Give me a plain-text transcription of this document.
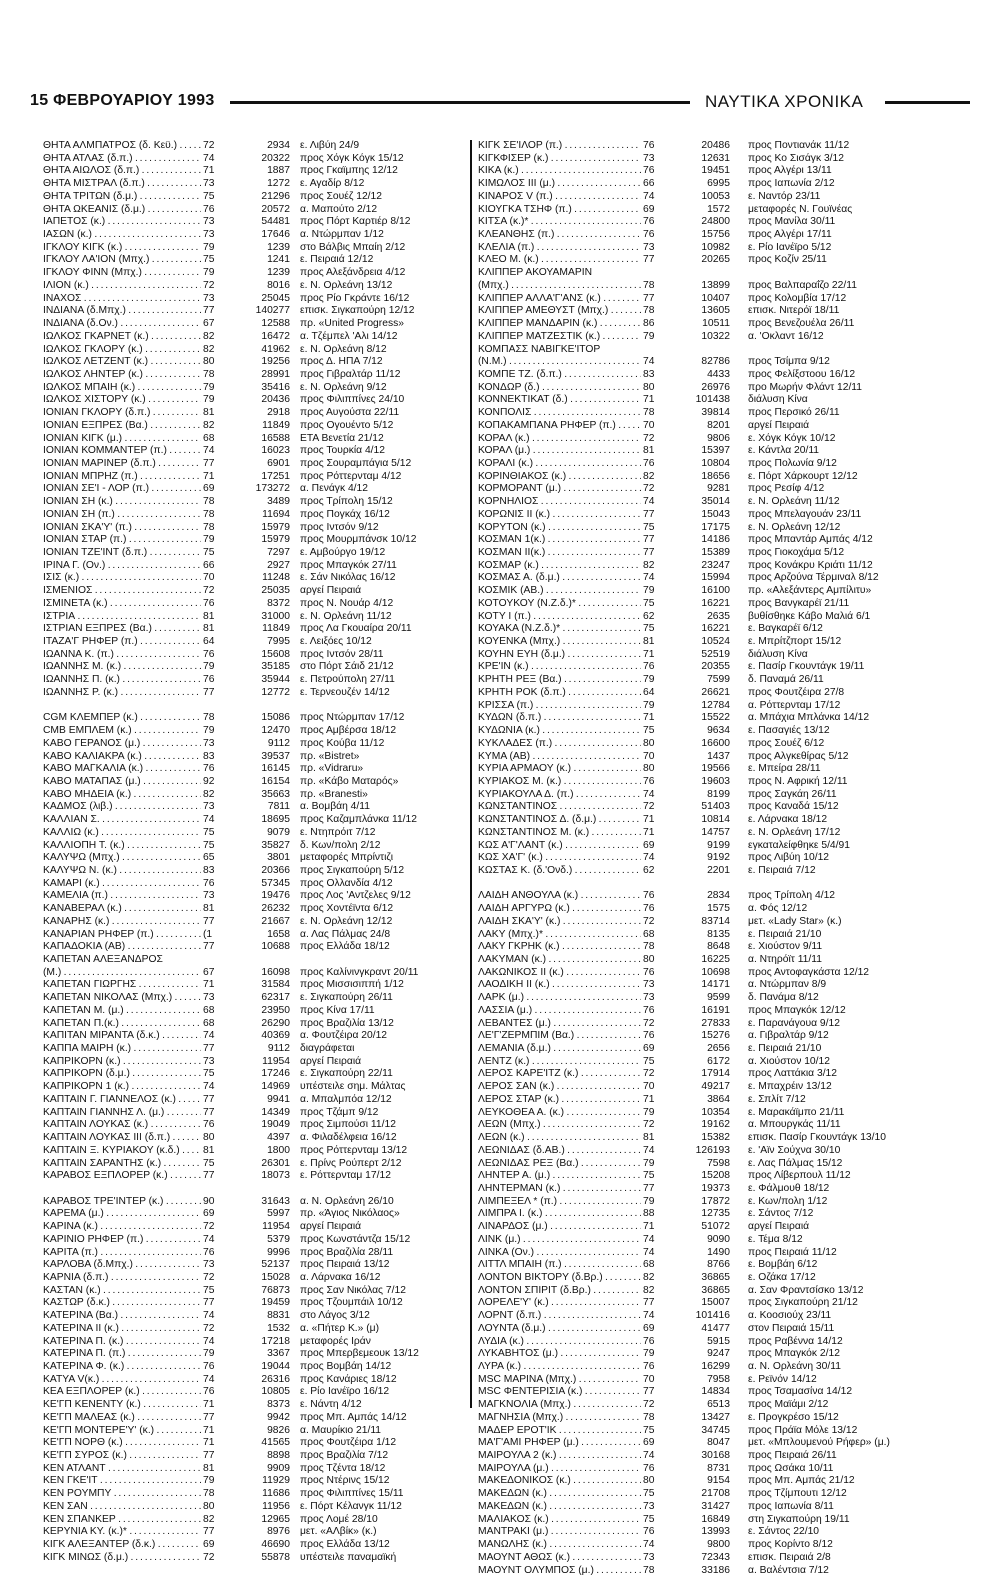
15 ΦΕΒΡΟΥΑΡΙΟΥ 1993	ΝΑΥΤΙΚΑ ΧΡΟΝΙΚΑ
ΘΗΤΑ ΑΛΜΠΑΤΡΟΣ (δ. Κεϋ.) . . .	72	2934 ε. Λιβύη 24/9
ΘΗΤΑ ΑΤΛΑΣ (δ.π.) . . .	74	20322 προς Χόγκ Κόγκ 15/12
ΘΗΤΑ ΑΙΩΛΟΣ (δ.π.) . . .	71	1887 προς Γκαϊμπης 12/12
ΘΗΤΑ ΜΙΣΤΡΑΛ (δ.π.) . . .	73	1272 ε. Αγαδίρ 8/12
ΘΗΤΑ ΤΡΙΤΩΝ (δ.μ.) . . .	75	21296 προς Σουέζ 12/12
ΘΗΤΑ ΩΚΕΑΝΙΣ (δ.μ.) . . .	76	20572 α. Μαπούτο 2/12
ΙΑΠΕΤΟΣ (κ.) . . .	73	54481 προς Πόρτ Καρτιέρ 8/12
ΙΑΣΩΝ (κ.) . . .	73	17646 α. Ντώρμπαν 1/12
ΙΓΚΛΟΥ ΚΙΓΚ (κ.) . . .	79	1239 στο Βάλβις Μπαίη 2/12
ΙΓΚΛΟΥ ΛΑ'ΙΟΝ (Μπχ.) . . .	75	1241 ε. Πειραιά 12/12
ΙΓΚΛΟΥ ΦΙΝΝ (Μπχ.) . . .	79	1239 προς Αλεξάνδρεια 4/12
ΙΛΙΟΝ (κ.) . . .	72	8016 ε. Ν. Ορλεάνη 13/12
ΙΝΑΧΟΣ . . .	73	25045 προς Ρίο Γκράντε 16/12
ΙΝΔΙΑΝΑ (δ.Μπχ.) . . .	77	140277 επισκ. Σιγκαπούρη 12/12
ΙΝΔΙΑΝΑ (δ.Ον.) . . .	67	12588 πρ. «United Progress»
ΙΩΛΚΟΣ ΓΚΑΡΝΕΤ (κ.) . . .	82	16472 α. Τζέμπελ 'Αλι 14/12
ΙΩΛΚΟΣ ΓΚΛΟΡΥ (κ.) . . .	82	41962 ε. Ν. Ορλεάνη 8/12
ΙΩΛΚΟΣ ΛΕΤΖΕΝΤ (κ.) . . .	80	19256 προς Δ. ΗΠΑ 7/12
ΙΩΛΚΟΣ ΛΗΝΤΕΡ (κ.) . . .	78	28991 προς Γιβραλτάρ 11/12
ΙΩΛΚΟΣ ΜΠΑΙΗ (κ.) . . .	79	35416 ε. Ν. Ορλεάνη 9/12
ΙΩΛΚΟΣ ΧΙΣΤΟΡΥ (κ.) . . .	79	20436 προς Φιλιππίνες 24/10
ΙΟΝΙΑΝ ΓΚΛΟΡΥ (δ.π.) . . .	81	2918 προς Αυγούστα 22/11
ΙΟΝΙΑΝ ΕΞΠΡΕΣ (Βα.) . . .	82	11849 προς Ογουέντο 5/12
ΙΟΝΙΑΝ ΚΙΓΚ (μ.) . . .	68	16588 ΕΤΑ Βενετία 21/12
ΙΟΝΙΑΝ ΚΟΜΜΑΝΤΕΡ (π.) . . .	74	16023 προς Τουρκία 4/12
ΙΟΝΙΑΝ ΜΑΡΙΝΕΡ (δ.π.) . . .	77	6901 προς Σουραμπάγια 5/12
ΙΟΝΙΑΝ ΜΠΡΗΖ (π.) . . .	71	17251 προς Ρόττερνταμ 4/12
ΙΟΝΙΑΝ ΣΕ'Ι - ΛΟΡ (π.) . . .	69	173272 α. Πενάγκ 4/12
ΙΟΝΙΑΝ ΣΗ (κ.) . . .	78	3489 προς Τρίπολη 15/12
ΙΟΝΙΑΝ ΣΗ (π.) . . .	78	11694 προς Πογκάχ 16/12
ΙΟΝΙΑΝ ΣΚΑ'Υ' (π.) . . .	78	15979 προς Ιντσόν 9/12
ΙΟΝΙΑΝ ΣΤΑΡ (π.) . . .	79	15979 προς Μουρμπάνσκ 10/12
ΙΟΝΙΑΝ ΤΖΕ'ΙΝΤ (δ.π.) . . .	75	7297 ε. Αμβούργο 19/12
ΙΡΙΝΑ Γ. (Ον.) . . .	66	2927 προς Μπαγκόκ 27/11
ΙΣΙΣ (κ.) . . .	70	11248 ε. Σάν Νικόλας 16/12
ΙΣΜΕΝΙΟΣ . . .	72	25035 αργεί Πειραιά
ΙΣΜΙΝΕΤΑ (κ.) . . .	76	8372 προς Ν. Νουάρ 4/12
ΙΣΤΡΙΑ . . .	81	31000 ε. Ν. Ορλεάνη 11/12
ΙΣΤΡΙΑΝ ΕΞΠΡΕΣ (Βα.) . . .	81	11849 προς Λα Γκουαίρα 20/11
ΙΤΑΖΑ'Γ ΡΗΦΕΡ (π.) . . .	64	7995 ε. Λειξόες 10/12
ΙΩΑΝΝΑ Κ. (π.) . . .	76	15608 προς Ιντσόν 28/11
ΙΩΑΝΝΗΣ Μ. (κ.) . . .	79	35185 στο Πόρτ Σάιδ 21/12
ΙΩΑΝΝΗΣ Π. (κ.) . . .	76	35944 ε. Πετρούπολη 27/11
ΙΩΑΝΝΗΣ Ρ. (κ.) . . .	77	12772 ε. Τερνεουζέν 14/12
CGM ΚΛΕΜΠΕΡ (κ.) . . .	78	15086 προς Ντώρμπαν 17/12
CMB ΕΜΠΛΕΜ (κ.) . . .	79	12470 προς Αμβέρσα 18/12
ΚΑΒΟ ΓΕΡΑΝΟΣ (μ.) . . .	73	9112 προς Κούβα 11/12
ΚΑΒΟ ΚΑΛΙΑΚΡΑ (κ.) . . .	83	39537 πρ. «Bistret»
ΚΑΒΟ ΜΑΓΚΑΛΙΑ (κ.) . . .	76	16145 πρ. «Vidraru»
ΚΑΒΟ ΜΑΤΑΠΑΣ (μ.) . . .	92	16154 πρ. «Κάβο Ματαρός»
ΚΑΒΟ ΜΗΔΕΙΑ (κ.) . . .	82	35663 πρ. «Branesti»
ΚΑΔΜΟΣ (λιβ.) . . .	73	7811 α. Βομβάη 4/11
ΚΑΛΛΙΑΝ Σ. . . .	74	18695 προς Καζαμπλάνκα 11/12
ΚΑΛΛΙΩ (κ.) . . .	75	9079 ε. Ντηπρόιτ 7/12
ΚΑΛΛΙΟΠΗ Τ. (κ.) . . .	75	35827 δ. Κων/πολη 2/12
ΚΑΛΥΨΩ (Μπχ.) . . .	65	3801 μεταφορές Μπρίντιζι
ΚΑΛΥΨΩ Ν. (κ.) . . .	83	20366 προς Σιγκαπούρη 5/12
ΚΑΜΑΡΙ (κ.) . . .	76	57345 προς Ολλανδία 4/12
ΚΑΜΕΛΙΑ (π.) . . .	73	19476 προς Λος 'Αντζελες 9/12
ΚΑΝΑΒΕΡΑΛ (κ.) . . .	81	26232 προς Χοντέϊντα 6/12
ΚΑΝΑΡΗΣ (κ.) . . .	77	21667 ε. Ν. Ορλεάνη 12/12
ΚΑΝΑΡΙΑΝ ΡΗΦΕΡ (π.) . . .	(1	1658 α. Λας Πάλμας 24/8
ΚΑΠΑΔΟΚΙΑ (ΑΒ) . . .	77	10688 προς Ελλάδα 18/12
ΚΑΠΕΤΑΝ ΑΛΕΞΑΝΔΡΟΣ
(Μ.) . . .	67	16098 προς Καλίνινγκραντ 20/11
ΚΑΠΕΤΑΝ ΓΙΩΡΓΗΣ . . .	71	31584 προς Μισσισιππή 1/12
ΚΑΠΕΤΑΝ ΝΙΚΟΛΑΣ (Μπχ.) . . .	73	62317 ε. Σιγκαπούρη 26/11
ΚΑΠΕΤΑΝ Μ. (μ.) . . .	68	23950 προς Κίνα 17/11
ΚΑΠΕΤΑΝ Π.(κ.) . . .	68	26290 προς Βραζιλία 13/12
ΚΑΠΙΤΑΝ ΜΙΡΑΝΤΑ (δ.κ.) . . .	74	40369 α. Φουτζέιρα 20/12
ΚΑΠΠΑ ΜΑΙΡΗ (κ.) . . .	77	9112 διαγράφεται
ΚΑΠΡΙΚΟΡΝ (κ.) . . .	73	11954 αργεί Πειραιά
ΚΑΠΡΙΚΟΡΝ (δ.μ.) . . .	75	17246 ε. Σιγκαπούρη 22/11
ΚΑΠΡΙΚΟΡΝ 1 (κ.) . . .	74	14969 υπέστειλε σημ. Μάλτας
ΚΑΠΤΑΙΝ Γ. ΓΙΑΝΝΕΛΟΣ (κ.) . . .	77	9941 α. Μπαλμπόα 12/12
ΚΑΠΤΑΙΝ ΓΙΑΝΝΗΣ Λ. (μ.) . . .	77	14349 προς Τζάμπ 9/12
ΚΑΠΤΑΙΝ ΛΟΥΚΑΣ (κ.) . . .	76	19049 προς Σιμπούσι 11/12
ΚΑΠΤΑΙΝ ΛΟΥΚΑΣ ΙΙΙ (δ.π.) . . .	80	4397 α. Φιλαδέλφεια 16/12
ΚΑΠΤΑΙΝ Ξ. ΚΥΡΙΑΚΟΥ (κ.δ.) . . .	81	1800 προς Ρόττερνταμ 13/12
ΚΑΠΤΑΙΝ ΣΑΡΑΝΤΗΣ (κ.) . . .	75	26301 ε. Πρίνς Ρούπερτ 2/12
ΚΑΡΑΒΟΣ ΕΞΠΛΟΡΕΡ (κ.) . . .	77	18073 ε. Ρόττερνταμ 17/12
ΚΑΡΑΒΟΣ ΤΡΕ'ΙΝΤΕΡ (κ.) . . .	90	31643 α. Ν. Ορλεάνη 26/10
ΚΑΡΕΜΑ (μ.) . . .	69	5997 πρ. «Άγιος Νικόλαος»
ΚΑΡΙΝΑ (κ.) . . .	72	11954 αργεί Πειραιά
ΚΑΡΙΝΙΟ ΡΗΦΕΡ (π.) . . .	74	5379 προς Κωνστάντζα 15/12
ΚΑΡΙΤΑ (π.) . . .	76	9996 προς Βραζιλία 28/11
ΚΑΡΛΟΒΑ (δ.Μπχ.) . . .	73	52137 προς Πειραιά 13/12
ΚΑΡΝΙΑ (δ.π.) . . .	72	15028 α. Λάρνακα 16/12
ΚΑΣΤΑΝ (κ.) . . .	75	76873 προς Σαν Νικόλας 7/12
ΚΑΣΤΩΡ (δ.κ.) . . .	77	19459 προς Τζουμπάιλ 10/12
ΚΑΤΕΡΙΝΑ (Βα.) . . .	74	8831 στο Λάγος 3/12
ΚΑΤΕΡΙΝΑ ΙΙ (κ.) . . .	72	1532 α. «Πήτερ Κ.» (μ)
ΚΑΤΕΡΙΝΑ Π. (κ.) . . .	74	17218 μεταφορές Ιράν
ΚΑΤΕΡΙΝΑ Π. (π.) . . .	79	3367 προς Μπερβεμεουκ 13/12
ΚΑΤΕΡΙΝΑ Φ. (κ.) . . .	76	19044 προς Βομβάη 14/12
ΚΑΤΥΑ V(κ.) . . .	74	26316 προς Κανάριες 18/12
ΚΕΑ ΕΞΠΛΟΡΕΡ (κ.) . . .	76	10805 ε. Ρίο Ιανέϊρο 16/12
ΚΕ'ΓΠ ΚΕΝΕΝΤΥ (κ.) . . .	71	8373 ε. Νάντη 4/12
ΚΕ'ΓΠ ΜΑΛΕΑΣ (κ.) . . .	77	9942 προς Μπ. Αμπάς 14/12
ΚΕ'ΓΠ ΜΟΝΤΕΡΕ'Υ' (κ.) . . .	71	9826 α. Μαυρίκιο 21/11
ΚΕ'ΓΠ ΝΟΡΘ (κ.) . . .	71	41565 προς Φουτζέιρα 1/12
ΚΕ'ΓΠ ΣΥΡΟΣ (κ.) . . .	77	8898 προς Βραζιλία 7/12
ΚΕΝ ΑΤΛΑΝΤ . . .	81	9909 προς Τζέντα 18/12
ΚΕΝ ΓΚΕ'ΙΤ . . .	79	11929 προς Ντέρινς 15/12
ΚΕΝ ΡΟΥΜΠΥ . . .	78	11686 προς Φιλιππίνες 15/11
ΚΕΝ ΣΑΝ . . .	80	11956 ε. Πόρτ Κέλανγκ 11/12
ΚΕΝ ΣΠΑΝΚΕΡ . . .	82	12965 προς Λομέ 28/10
ΚΕΡΥΝΙΑ ΚΥ. (κ.)* . . .	77	8976 μετ. «ΑΛβίκ» (κ.)
ΚΙΓΚ ΑΛΕΞΑΝΤΕΡ (δ.κ.) . . .	69	46690 προς Ελλάδα 13/12
ΚΙΓΚ ΜΙΝΩΣ (δ.μ.) . . .	72	55878 υπέστειλε παναμαϊκή
ΚΙΓΚ ΣΕ'ΙΛΟΡ (π.) . . .	76	20486 προς Ποντιανάκ 11/12
ΚΙΓΚΦΙΣΕΡ (κ.) . . .	73	12631 προς Κο Σισάγκ 3/12
ΚΙΚΑ (κ.) . . .	76	19451 προς Αλγέρι 13/11
ΚΙΜΩΛΟΣ ΙΙΙ (μ.) . . .	66	6995 προς Ιαπωνία 2/12
ΚΙΝΑΡΟΣ V (π.) . . .	74	10053 ε. Ναντόρ 23/11
ΚΙΟΥΓΚΑ ΤΣΗΦ (π.) . . .	69	1572 μεταφορές Ν. Γουϊνέας
ΚΙΤΣΑ (κ.)* . . .	76	24800 προς Μανίλα 30/11
ΚΛΕΑΝΘΗΣ (π.) . . .	76	15756 προς Αλγέρι 17/11
ΚΛΕΛΙΑ (π.) . . .	73	10982 ε. Ρίο Ιανέϊρο 5/12
ΚΛΕΟ Μ. (κ.) . . .	77	20265 προς Κοζίν 25/11
ΚΛΙΠΠΕΡ ΑΚΟΥΑΜΑΡΙΝ
(Μπχ.) . . .	78	13899 προς Βαλπαραΐζο 22/11
ΚΛΙΠΠΕΡ ΑΛΛΑ'Γ'ΑΝΣ (κ.) . . .	77	10407 προς Κολομβία 17/12
ΚΛΙΠΠΕΡ ΑΜΕΘΥΣΤ (Μπχ.) . . .	78	13605 επισκ. Νιτερόϊ 18/11
ΚΛΙΠΠΕΡ ΜΑΝΔΑΡΙΝ (κ.) . . .	86	10511 προς Βενεζουέλα 26/11
ΚΛΙΠΠΕΡ ΜΑΤΖΕΣΤΙΚ (κ.) . . .	79	10322 α. 'Οκλαντ 16/12
ΚΟΜΠΑΣΣ ΝΑΒΙΓΚΕ'ΙΤΟΡ
(Ν.Μ.) . . .	74	82786 προς Τσίμπα 9/12
ΚΟΜΠΕ ΤΖ. (δ.π.) . . .	83	4433 προς Φελίξστοου 16/12
ΚΟΝΔΩΡ (δ.) . . .	80	26976 προ Μωρήν Φλάντ 12/11
ΚΟΝΝΕΚΤΙΚΑΤ (δ.) . . .	71	101438 διάλυση Κίνα
ΚΟΝΠΟΛΙΣ . . .	78	39814 προς Περσικό 26/11
ΚΟΠΑΚΑΜΠΑΝΑ ΡΗΦΕΡ (π.) . . .	70	8201 αργεί Πειραιά
ΚΟΡΑΛ (κ.) . . .	72	9806 ε. Χόγκ Κόγκ 10/12
ΚΟΡΑΛ (μ.) . . .	81	15397 ε. Κάντλα 20/11
ΚΟΡΑΛΙ (κ.) . . .	76	10804 προς Πολωνία 9/12
ΚΟΡΙΝΘΙΑΚΟΣ (κ.) . . .	82	18656 ε. Πόρτ Χάρκουρτ 12/12
ΚΟΡΜΟΡΑΝΤ (μ.) . . .	72	9281 προς Ρεσίφ 4/12
ΚΟΡΝΗΛΙΟΣ . . .	74	35014 ε. Ν. Ορλεάνη 11/12
ΚΟΡΩΝΙΣ ΙΙ (κ.) . . .	77	15043 προς Μπελαγουάν 23/11
ΚΟΡΥΤΟΝ (κ.) . . .	75	17175 ε. Ν. Ορλεάνη 12/12
ΚΟΣΜΑΝ 1(κ.) . . .	77	14186 προς Μπαντάρ Αμπάς 4/12
ΚΟΣΜΑΝ ΙΙ(κ.) . . .	77	15389 προς Γιοκοχάμα 5/12
ΚΟΣΜΑΡ (κ.) . . .	82	23247 προς Κονάκρυ Κριάτι 11/12
ΚΟΣΜΑΣ Α. (δ.μ.) . . .	74	15994 προς Αρζούνα Τέρμιναλ 8/12
ΚΟΣΜΙΚ (ΑΒ.) . . .	79	16100 πρ. «Αλεξάντερς Αμπίλιτυ»
ΚΟΤΟΥΚΟΥ (Ν.Ζ.δ.)* . . .	75	16221 προς Βανγκαρέϊ 21/11
ΚΟΤΥ Ι (π.) . . .	62	2635 βυθίσθηκε Κάβο Μαλιά 6/1
ΚΟΥΑΚΑ (Ν.Ζ.δ.)* . . .	75	16221 ε. Βαγκαρέϊ 6/12
ΚΟΥΕΝΚΑ (Μπχ.) . . .	81	10524 ε. Μπρίτζπορτ 15/12
ΚΟΥΗΝ ΕΥΗ (δ.μ.) . . .	71	52519 διάλυση Κίνα
ΚΡΕ'ΙΝ (κ.) . . .	76	20355 ε. Πασίρ Γκουντάγκ 19/11
ΚΡΗΤΗ ΡΕΞ (Βα.) . . .	79	7599 δ. Παναμά 26/11
ΚΡΗΤΗ ΡΟΚ (δ.π.) . . .	64	26621 προς Φουτζέιρα 27/8
ΚΡΙΣΣΑ (π.) . . .	79	12784 α. Ρόττερνταμ 17/12
ΚΥΔΩΝ (δ.π.) . . .	71	15522 α. Μπάχια Μπλάνκα 14/12
ΚΥΔΩΝΙΑ (κ.) . . .	75	9634 ε. Πασαγιές 13/12
ΚΥΚΛΑΔΕΣ (π.) . . .	80	16600 προς Σουέζ 6/12
ΚΥΜΑ (ΑΒ) . . .	70	1437 προς Αλγκεθίρας 5/12
ΚΥΡΙΑ ΑΡΜΑΟΥ (κ.) . . .	80	19566 ε. Μπείρα 28/11
ΚΥΡΙΑΚΟΣ Μ. (κ.) . . .	76	19603 προς Ν. Αφρική 12/11
ΚΥΡΙΑΚΟΥΛΑ Δ. (π.) . . .	74	8199 προς Σαγκάη 26/11
ΚΩΝΣΤΑΝΤΙΝΟΣ . . .	72	51403 προς Καναδά 15/12
ΚΩΝΣΤΑΝΤΙΝΟΣ Δ. (δ.μ.) . . .	71	10814 ε. Λάρνακα 18/12
ΚΩΝΣΤΑΝΤΙΝΟΣ Μ. (κ.) . . .	71	14757 ε. Ν. Ορλεάνη 17/12
ΚΩΣ Α'Γ'ΛΑΝΤ (κ.) . . .	69	9199 εγκαταλείφθηκε 5/4/91
ΚΩΣ ΧΑ'Γ' (κ.) . . .	74	9192 προς Λιβύη 10/12
ΚΩΣΤΑΣ Κ. (δ.'Ονδ.) . . .	62	2201 ε. Πειραιά 7/12
ΛΑΙΔΗ ΑΝΘΟΥΛΑ (κ.) . . .	76	2834 προς Τρίπολη 4/12
ΛΑΙΔΗ ΑΡΓΥΡΩ (κ.) . . .	76	1575 α. Φός 12/12
ΛΑΙΔΗ ΣΚΑ'Υ' (κ.) . . .	72	83714 μετ. «Lady Star» (κ.)
ΛΑΚΥ (Μπχ.)* . . .	68	8135 ε. Πειραιά 21/10
ΛΑΚΥ ΓΚΡΗΚ (κ.) . . .	78	8648 ε. Χιούστον 9/11
ΛΑΚΥΜΑΝ (κ.) . . .	80	16225 α. Ντηρόϊτ 11/11
ΛΑΚΩΝΙΚΟΣ ΙΙ (κ.) . . .	76	10698 προς Αντοφαγκάστα 12/12
ΛΑΟΔΙΚΗ ΙΙ (κ.) . . .	73	14171 α. Ντώρμπαν 8/9
ΛΑΡΚ (μ.) . . .	73	9599 δ. Πανάμα 8/12
ΛΑΣΣΙΑ (μ.) . . .	76	16191 προς Μπαγκόκ 12/12
ΛΕΒΑΝΤΕΣ (μ.) . . .	72	27833 ε. Παρανάγουα 9/12
ΛΕ'Γ'ΖΕΡΜΠΙΜ (Βα.) . . .	76	15276 α. Γιβραλτάρ 9/12
ΛΕΜΑΝΙΑ (δ.μ.) . . .	69	2656 ε. Πειραιά 21/10
ΛΕΝΤΖ (κ.) . . .	75	6172 α. Χιούστον 10/12
ΛΕΡΟΣ ΚΑΡΕ'ΙΤΖ (κ.) . . .	72	17914 προς Λαττάκια 3/12
ΛΕΡΟΣ ΣΑΝ (κ.) . . .	70	49217 ε. Μπαχρέιν 13/12
ΛΕΡΟΣ ΣΤΑΡ (κ.) . . .	71	3864 ε. Σπλίτ 7/12
ΛΕΥΚΟΘΕΑ Α. (κ.) . . .	79	10354 ε. Μαρακάϊμπο 21/11
ΛΕΩΝ (Μπχ.) . . .	72	19162 α. Μπουργκάς 11/11
ΛΕΩΝ (κ.) . . .	81	15382 επισκ. Πασίρ Γκουντάγκ 13/10
ΛΕΩΝΙΔΑΣ (δ.ΑΒ.) . . .	74	126193 ε. 'Αϊν Σούχνα 30/10
ΛΕΩΝΙΔΑΣ ΡΕΞ (Βα.) . . .	79	7598 ε. Λας Πάλμας 15/12
ΛΗΝΤΕΡ Α. (μ.) . . .	75	15208 προς Λίβερπουλ 11/12
ΛΗΝΤΕΡΜΑΝ (κ.) . . .	77	19373 ε. Φάλμουθ 18/12
ΛΙΜΠΕΞΕΛ * (π.) . . .	79	17872 ε. Κων/πολη 1/12
ΛΙΜΠΡΑ Ι. (κ.) . . .	88	12735 ε. Σάντος 7/12
ΛΙΝΑΡΔΟΣ (μ.) . . .	71	51072 αργεί Πειραιά
ΛΙΝΚ (μ.) . . .	74	9090 ε. Τέμα 8/12
ΛΙΝΚΑ (Ον.) . . .	74	1490 προς Πειραιά 11/12
ΛΙΤΤΛ ΜΠΑΙΗ (π.) . . .	68	8766 ε. Βομβάη 6/12
ΛΟΝΤΟΝ ΒΙΚΤΟΡΥ (δ.Βρ.) . . .	82	36865 ε. Οζάκα 17/12
ΛΟΝΤΟΝ ΣΠΙΡΙΤ (δ.Βρ.) . . .	82	36865 α. Σαν Φραντσίσκο 13/12
ΛΟΡΕΛΕ'Υ' (κ.) . . .	77	15007 προς Σιγκαπούρη 21/12
ΛΟΡΝΤ (δ.π.) . . .	74	101416 α. Κοοσιούχ 23/11
ΛΟΥΝΤΑ (δ.μ.) . . .	69	41477 στον Πειραιά 15/11
ΛΥΔΙΑ (κ.) . . .	76	5915 προς Ραβέννα 14/12
ΛΥΚΑΒΗΤΟΣ (μ.) . . .	79	9247 προς Μπαγκόκ 2/12
ΛΥΡΑ (κ.) . . .	76	16299 α. Ν. Ορλεάνη 30/11
MSC ΜΑΡΙΝΑ (Μπχ.) . . .	70	7958 ε. Ρεϊνόν 14/12
MSC ΦΕΝΤΕΡΙΣΙΑ (κ.) . . .	77	14834 προς Τσαμασίνα 14/12
ΜΑΓΚΝΟΛΙΑ (Μπχ.) . . .	72	6513 προς Μαϊάμι 2/12
ΜΑΓΝΗΣΙΑ (Μπχ.) . . .	78	13427 ε. Προγκρέσο 15/12
ΜΑΔΕΡ ΕΡΟΤ'ΙΚ . . .	75	34745 προς Πράϊα Μόλε 13/12
ΜΑ'Γ'ΑΜΙ ΡΗΦΕΡ (μ.) . . .	69	8047 μετ. «Μπλουμενού Ρήφερ» (μ.)
ΜΑΙΡΟΥΛΑ 2 (κ.) . . .	74	30168 προς Πειραιά 26/11
ΜΑΙΡΟΥΛΑ (μ.) . . .	76	8731 προς Ωσάκα 10/11
ΜΑΚΕΔΟΝΙΚΟΣ (κ.) . . .	80	9154 προς Μπ. Αμπάς 21/12
ΜΑΚΕΔΩΝ (κ.) . . .	75	21708 προς Τζίμπουτι 12/12
ΜΑΚΕΔΩΝ (κ.) . . .	73	31427 προς Ιαπωνία 8/11
ΜΑΛΙΑΚΟΣ (κ.) . . .	75	16849 στη Σιγκαπούρη 19/11
ΜΑΝΤΡΑΚΙ (μ.) . . .	76	13993 ε. Σάντος 22/10
ΜΑΝΩΛΗΣ (κ.) . . .	74	9800 προς Κορίντο 8/12
ΜΑΟΥΝΤ ΑΘΩΣ (κ.) . . .	73	72343 επισκ. Πειραιά 2/8
ΜΑΟΥΝΤ ΟΛΥΜΠΟΣ (μ.) . . .	78	33186 α. Βαλέντσια 7/12
